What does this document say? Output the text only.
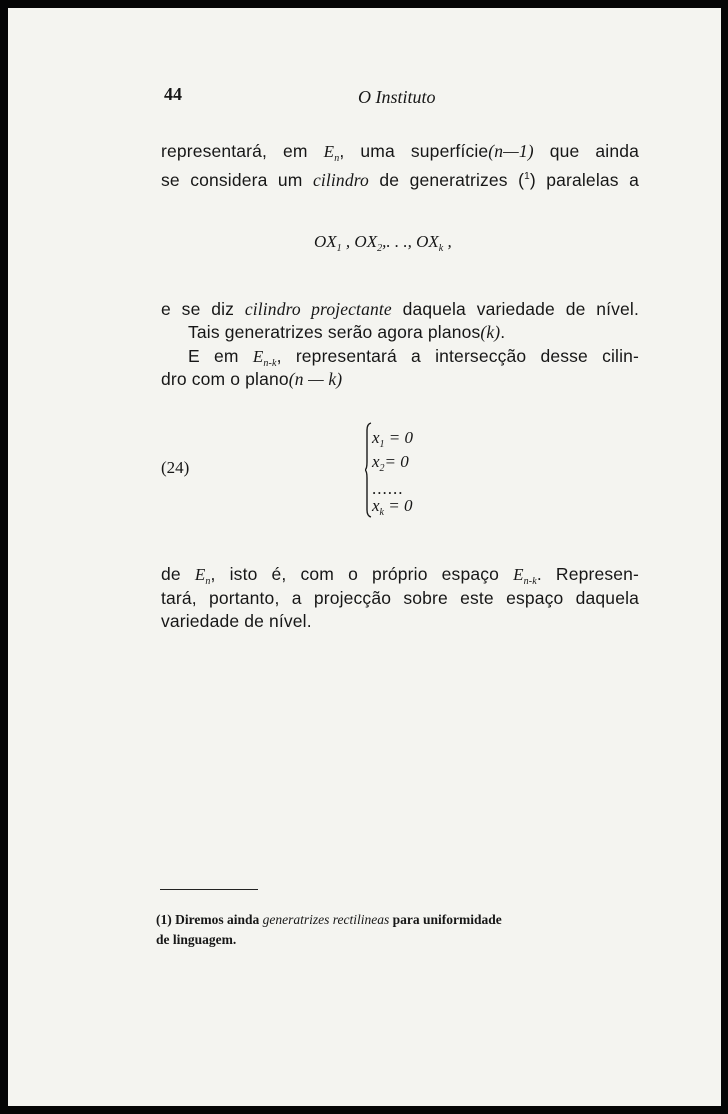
44	O Instituto
representará, em $E_n$, uma superfície(n—1) que ainda
se considera um cilindro de generatrizes ($^1$) paralelas a
$OX_1$ , $OX_2$,. . ., $OX_k$ ,
e se diz cilindro projectante daquela variedade de nível.
Tais generatrizes serão agora planos(k).
E em $E_{n-k}$, representará a intersecção desse cilin-
dro com o plano(n — k)
(24)
$x_1 = 0$
$x_2= 0$
......
$x_k = 0$
de $E_n$, isto é, com o próprio espaço $E_{n-k}$. Represen-
tará, portanto, a projecção sobre este espaço daquela
variedade de nível.
(1) Diremos ainda generatrizes rectilineas para uniformidade
de linguagem.
